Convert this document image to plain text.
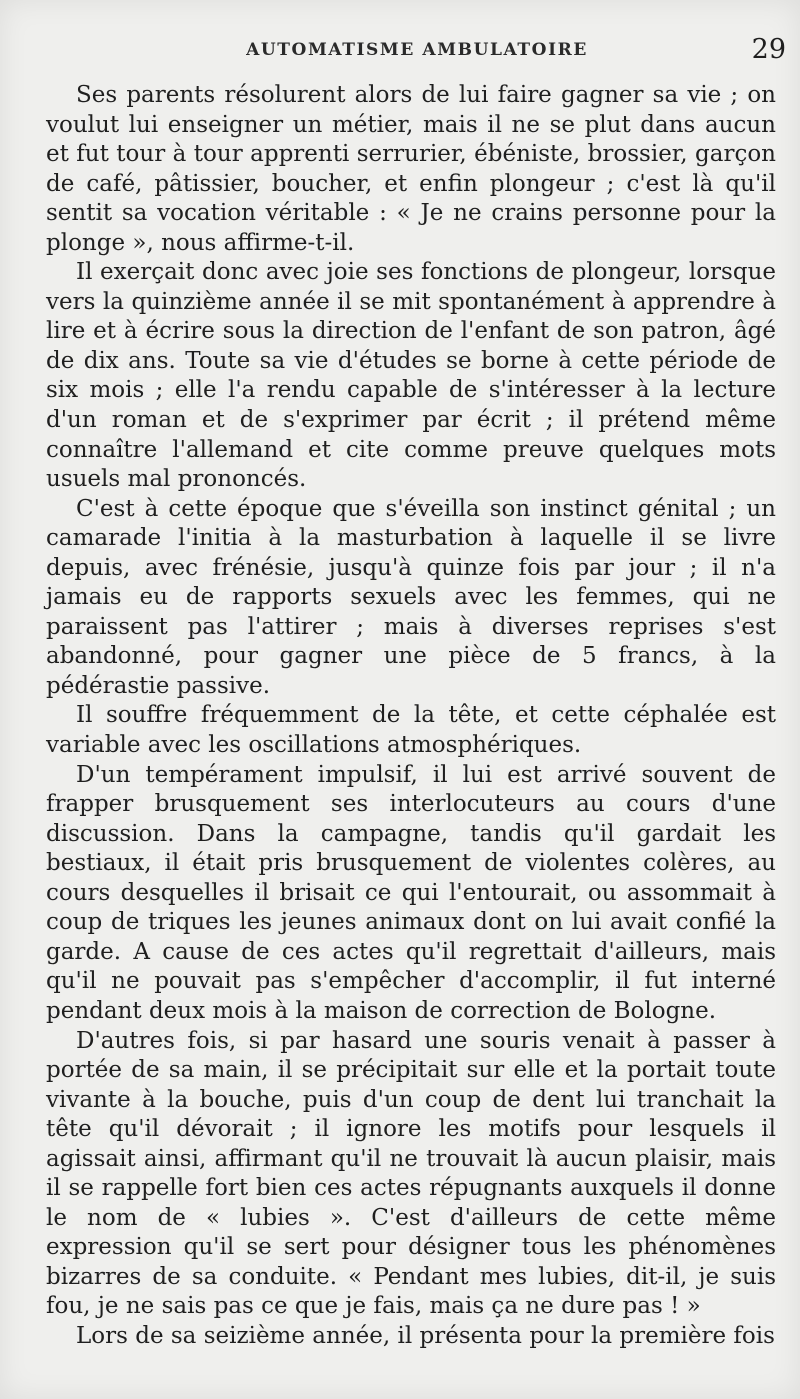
AUTOMATISME AMBULATOIRE	29

Ses parents résolurent alors de lui faire gagner sa vie ; on voulut lui enseigner un métier, mais il ne se plut dans aucun et fut tour à tour apprenti serrurier, ébéniste, brossier, garçon de café, pâtissier, boucher, et enfin plongeur ; c'est là qu'il sentit sa vocation véritable : « Je ne crains personne pour la plonge », nous affirme-t-il.

Il exerçait donc avec joie ses fonctions de plongeur, lorsque vers la quinzième année il se mit spontanément à apprendre à lire et à écrire sous la direction de l'enfant de son patron, âgé de dix ans. Toute sa vie d'études se borne à cette période de six mois ; elle l'a rendu capable de s'intéresser à la lecture d'un roman et de s'exprimer par écrit ; il prétend même connaître l'allemand et cite comme preuve quelques mots usuels mal prononcés.

C'est à cette époque que s'éveilla son instinct génital ; un camarade l'initia à la masturbation à laquelle il se livre depuis, avec frénésie, jusqu'à quinze fois par jour ; il n'a jamais eu de rapports sexuels avec les femmes, qui ne paraissent pas l'attirer ; mais à diverses reprises s'est abandonné, pour gagner une pièce de 5 francs, à la pédérastie passive.

Il souffre fréquemment de la tête, et cette céphalée est variable avec les oscillations atmosphériques.

D'un tempérament impulsif, il lui est arrivé souvent de frapper brusquement ses interlocuteurs au cours d'une discussion. Dans la campagne, tandis qu'il gardait les bestiaux, il était pris brusquement de violentes colères, au cours desquelles il brisait ce qui l'entourait, ou assommait à coup de triques les jeunes animaux dont on lui avait confié la garde. A cause de ces actes qu'il regrettait d'ailleurs, mais qu'il ne pouvait pas s'empêcher d'accomplir, il fut interné pendant deux mois à la maison de correction de Bologne.

D'autres fois, si par hasard une souris venait à passer à portée de sa main, il se précipitait sur elle et la portait toute vivante à la bouche, puis d'un coup de dent lui tranchait la tête qu'il dévorait ; il ignore les motifs pour lesquels il agissait ainsi, affirmant qu'il ne trouvait là aucun plaisir, mais il se rappelle fort bien ces actes répugnants auxquels il donne le nom de « lubies ». C'est d'ailleurs de cette même expression qu'il se sert pour désigner tous les phénomènes bizarres de sa conduite. « Pendant mes lubies, dit-il, je suis fou, je ne sais pas ce que je fais, mais ça ne dure pas ! »

Lors de sa seizième année, il présenta pour la première fois
